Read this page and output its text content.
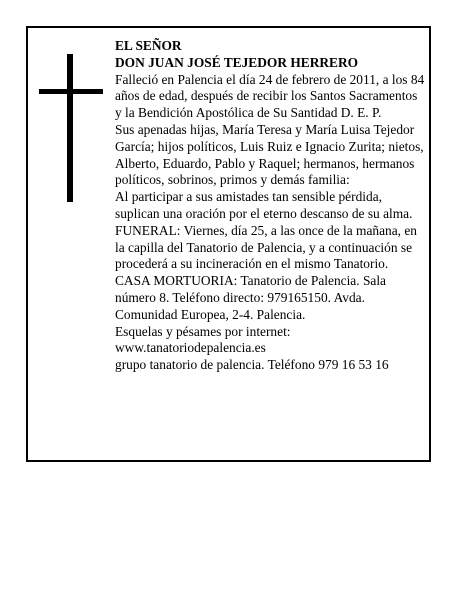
EL SEÑOR

DON JUAN JOSÉ TEJEDOR HERRERO

Falleció en Palencia el día 24 de febrero de 2011, a los 84 años de edad, después de recibir los Santos Sacramentos y la Bendición Apostólica de Su Santidad D. E. P.

Sus apenadas hijas, María Teresa y María Luisa Tejedor García; hijos políticos, Luis Ruiz e Ignacio Zurita; nietos, Alberto, Eduardo, Pablo y Raquel; hermanos, hermanos políticos, sobrinos, primos y demás familia:

Al participar a sus amistades tan sensible pérdida, suplican una oración por el eterno descanso de su alma.

FUNERAL: Viernes, día 25, a las once de la mañana, en la capilla del Tanatorio de Palencia, y a continuación se procederá a su incineración en el mismo Tanatorio.

CASA MORTUORIA: Tanatorio de Palencia. Sala número 8. Teléfono directo: 979165150. Avda. Comunidad Europea, 2-4. Palencia.

Esquelas y pésames por internet:

www.tanatoriodepalencia.es

grupo tanatorio de palencia. Teléfono 979 16 53 16
